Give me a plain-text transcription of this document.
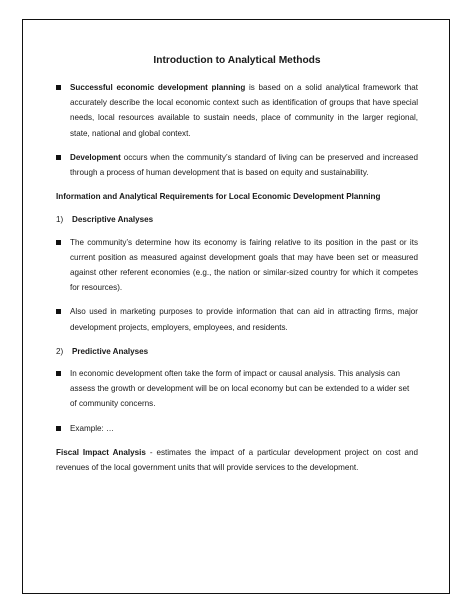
Introduction to Analytical Methods
Successful economic development planning is based on a solid analytical framework that accurately describe the local economic context such as identification of groups that have special needs, local resources available to sustain needs, place of community in the larger regional, state, national and global context.
Development occurs when the community’s standard of living can be preserved and increased through a process of human development that is based on equity and sustainability.
Information and Analytical Requirements for Local Economic Development Planning
1)	Descriptive Analyses
The community’s determine how its economy is fairing relative to its position in the past or its current position as measured against development goals that may have been set or measured against other referent economies (e.g., the nation or similar-sized country for which it competes for resources).
Also used in marketing purposes to provide information that can aid in attracting firms, major development projects, employers, employees, and residents.
2)	Predictive Analyses
In economic development often take the form of impact or causal analysis. This analysis can assess the growth or development will be on local economy but can be extended to a wider set of community concerns.
Example: …
Fiscal Impact Analysis - estimates the impact of a particular development project on cost and revenues of the local government units that will provide services to the development.
